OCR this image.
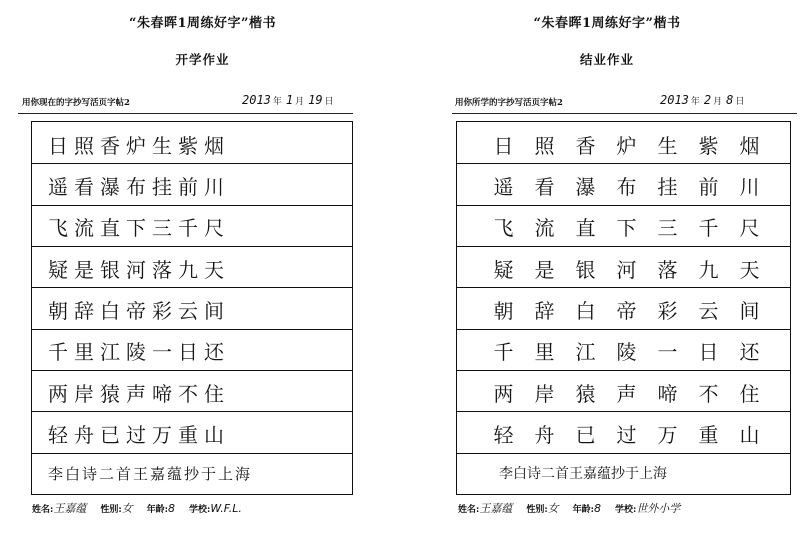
“朱春晖1周练好字”楷书
开学作业
用你现在的字抄写活页字帖2	2013 年 1 月 19 日
日照香炉生紫烟
遥看瀑布挂前川
飞流直下三千尺
疑是银河落九天
朝辞白帝彩云间
千里江陵一日还
两岸猿声啼不住
轻舟已过万重山
李白诗二首王嘉蕴抄于上海
姓名:王嘉蕴 性别:女 年龄:8 学校:W.F.L.
“朱春晖1周练好字”楷书
结业作业
用你所学的字抄写活页字帖2	2013 年 2 月 8 日
日 照 香 炉 生 紫 烟
遥 看 瀑 布 挂 前 川
飞 流 直 下 三 千 尺
疑 是 银 河 落 九 天
朝 辞 白 帝 彩 云 间
千 里 江 陵 一 日 还
两 岸 猿 声 啼 不 住
轻 舟 已 过 万 重 山
李白诗二首王嘉蕴抄于上海
姓名:王嘉蕴 性别:女 年龄:8 学校:世外小学
